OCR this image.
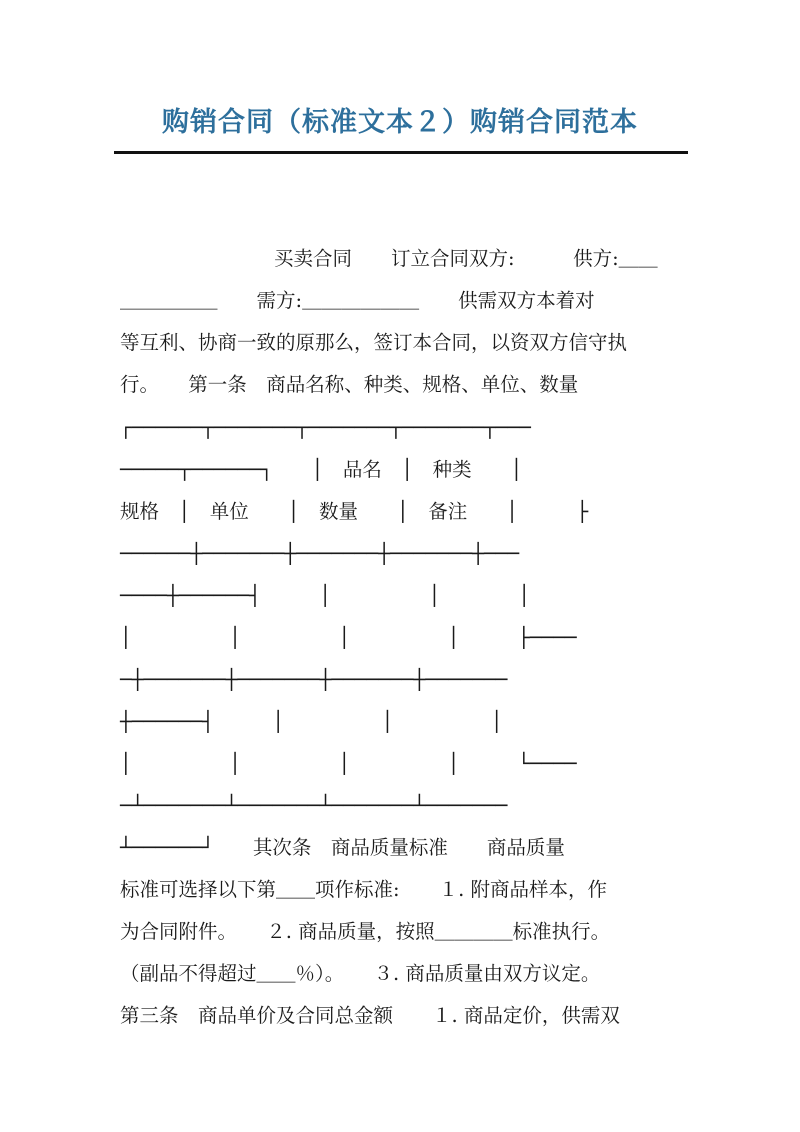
购销合同（标准文本２）购销合同范本
买卖合同　　订立合同双方:　　　供方:＿＿
＿＿＿＿＿　　需方:＿＿＿＿＿＿　　供需双方本着对
等互利、协商一致的原那么，签订本合同，以资双方信守执
行。　　第一条　商品名称、种类、规格、单位、数量
┌──────┬───────┬───────┬───────┬───
─────┬──────┐　　│　品名　│　种类　　│
规格　│　单位　　│　数量　　│　备注　　│　　　├
──────┼───────┼───────┼───────┼───
────┼──────┤　　　│　　　　　│　　　　│
│　　　　　│　　　　　│　　　　　│　　　├────
─┼───────┼───────┼───────┼───────
┼──────┤　　　│　　　　　│　　　　　│
│　　　　　│　　　　　│　　　　　│　　　└────
─┴───────┴───────┴───────┴───────
┴──────┘　　其次条　商品质量标准　　商品质量
标准可选择以下第＿＿项作标准:　　１. 附商品样本，作
为合同附件。　　２. 商品质量，按照＿＿＿＿标准执行。
（副品不得超过＿＿％）。　　３. 商品质量由双方议定。
第三条　商品单价及合同总金额　　１. 商品定价，供需双
